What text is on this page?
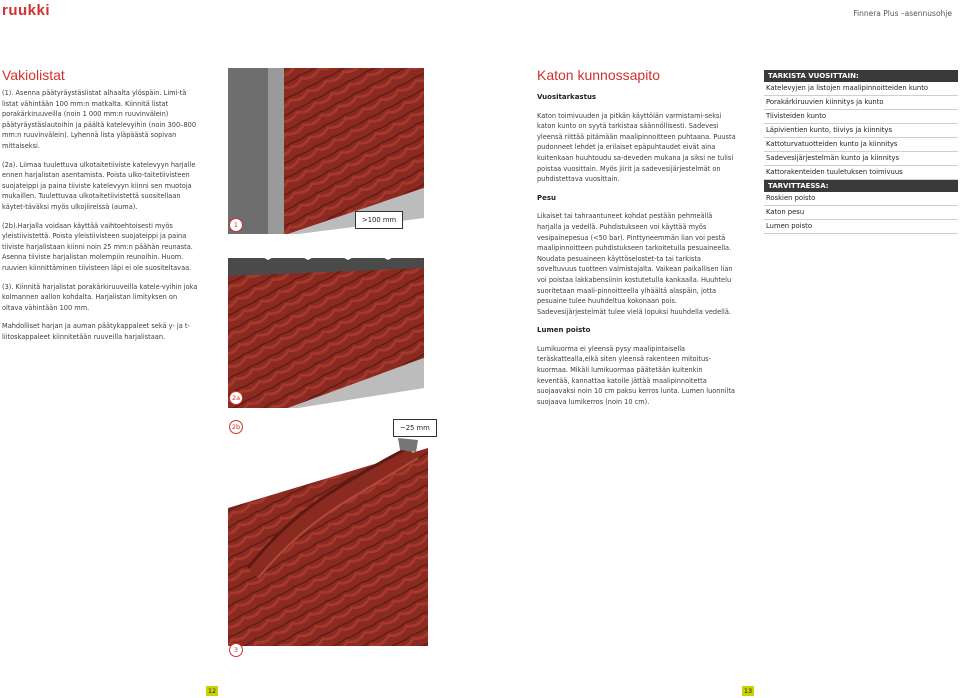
ruukki	Finnera Plus –asennusohje
Vakiolistat

(1). Asenna päätyräystäslistat alhaalta ylöspäin. Limi-tä listat vähintään 100 mm:n matkalta. Kiinnitä listat porakärkiruuveilla (noin 1 000 mm:n ruuvinvälein) päätyräystäslautoihin ja päältä katelevyihin (noin 300–800 mm:n ruuvinvälein). Lyhennä lista yläpäästä sopivan mittaiseksi.

(2a). Liimaa tuulettuva ulkotaitetiiviste katelevyyn harjalle ennen harjalistan asentamista. Poista ulko-taitetiivisteen suojateippi ja paina tiiviste katelevyyn kiinni sen muotoja mukaillen. Tuulettuvaa ulkotaitetiivistettä suositellaan käytet-täväksi myös ulkojiireissä (auma).

(2b).Harjalla voidaan käyttää vaihtoehtoisesti myös yleistiivistettä. Poista yleistiivisteen suojateippi ja paina tiiviste harjalistaan kiinni noin 25 mm:n päähän reunasta. Asenna tiiviste harjalistan molempiin reunoihin. Huom. ruuvien kiinnittäminen tiivisteen läpi ei ole suositeltavaa.

(3). Kiinnitä harjalistat porakärkiruuveilla katele-vyihin joka kolmannen aallon kohdalta. Harjalistan limityksen on oltava vähintään 100 mm.

Mahdolliset harjan ja auman päätykappaleet sekä y- ja t-liitoskappaleet kiinnitetään ruuveilla harjalistaan.

1
>100 mm
2a
2b	~25 mm
3
Katon kunnossapito

Vuositarkastus

Katon toimivuuden ja pitkän käyttöiän varmistami-seksi katon kunto on syytä tarkistaa säännöllisesti. Sadevesi yleensä riittää pitämään maalipinnoitteen puhtaana. Puusta pudonneet lehdet ja erilaiset epäpuhtaudet eivät aina kuitenkaan huuhtoudu sa-deveden mukana ja siksi ne tulisi poistaa vuosittain. Myös jiirit ja sadevesijärjestelmät on puhdistettava vuosittain.

Pesu

Likaiset tai tahraantuneet kohdat pestään pehmeällä harjalla ja vedellä. Puhdistukseen voi käyttää myös vesipainepesua (<50 bar). Pinttyneemmän lian voi pestä maalipinnoitteen puhdistukseen tarkoitetulla pesuaineella. Noudata pesuaineen käyttöselostet-ta tai tarkista soveltuvuus tuotteen valmistajalta. Vaikean paikallisen lian voi poistaa lakkabensiinin kostutetulla kankaalla. Huuhtelu suoritetaan maali-pinnoitteella ylhäältä alaspäin, jotta pesuaine tulee huuhdeltua kokonaan pois. Sadevesijärjestelmät tulee vielä lopuksi huuhdella vedellä.

Lumen poisto

Lumikuorma ei yleensä pysy maalipintaisella teräskattealla,eikä siten yleensä rakenteen mitoitus-kuormaa. Mikäli lumikuormaa päätetään kuitenkin keventää, kannattaa katolle jättää maalipinnoitetta suojaavaksi noin 10 cm paksu kerros lunta. Lumen luonnilta suojaava lumikerros (noin 10 cm).

TARKISTA VUOSITTAIN:
Katelevyjen ja listojen maalipinnoitteiden kunto
Porakärkiruuvien kiinnitys ja kunto
Tiivisteiden kunto
Läpivientien kunto, tiiviys ja kiinnitys
Kattoturvatuotteiden kunto ja kiinnitys
Sadevesijärjestelmän kunto ja kiinnitys
Kattorakenteiden tuuletuksen toimivuus
TARVITTAESSA:
Roskien poisto
Katon pesu
Lumen poisto
12	13
